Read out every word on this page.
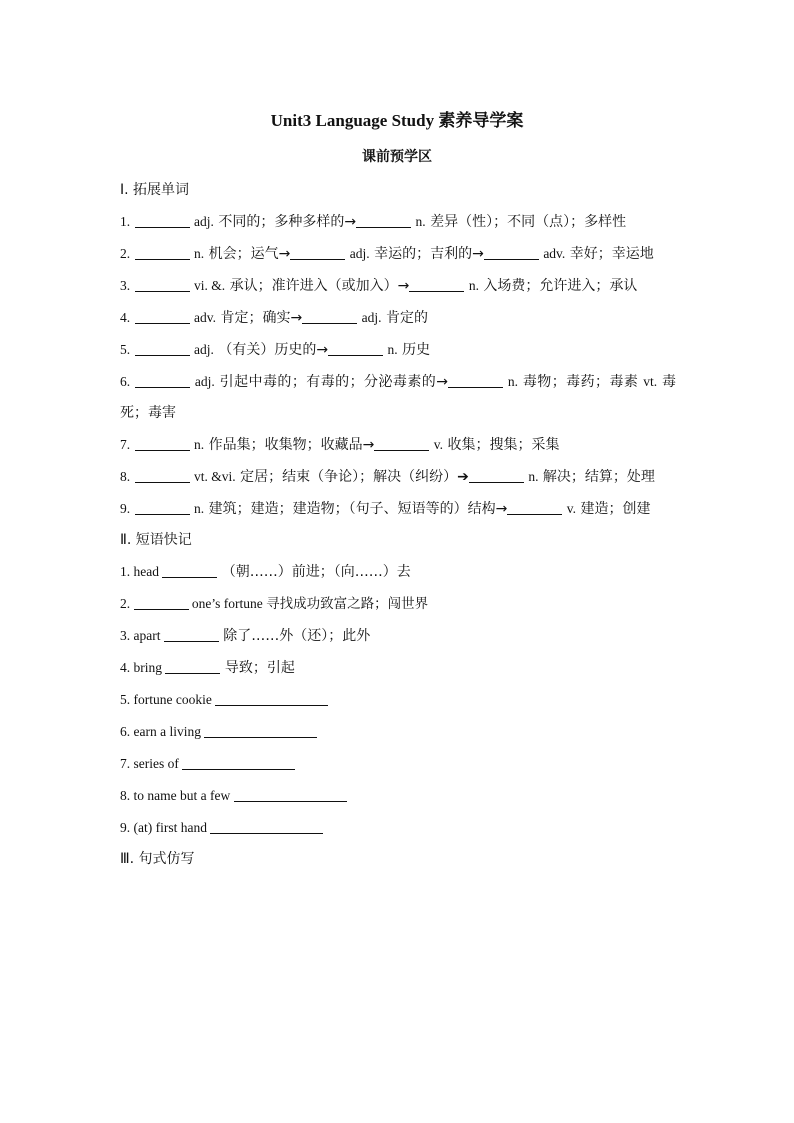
Unit3 Language Study 素养导学案
课前预学区
I. 拓展单词
1.	adj. 不同的；多种多样的→	n. 差异（性）；不同（点）；多样性
2.	n. 机会；运气→	adj. 幸运的；吉利的→	adv. 幸好；幸运地
3.	vi. &. 承认；准许进入（或加入）→	n. 入场费；允许进入；承认
4.	adv. 肯定；确实→	adj. 肯定的
5.	adj. （有关）历史的→	n. 历史
6.	adj. 引起中毒的；有毒的；分泌毒素的→	n. 毒物；毒药；毒素 vt. 毒死；毒害
7.	n. 作品集；收集物；收藏品→	v. 收集；搜集；采集
8.	vt. &vi. 定居；结束（争论）；解决（纠纷）➔	n. 解决；结算；处理
9.	n. 建筑；建造；建造物；（句子、短语等的）结构→	v. 建造；创建
Ⅱ. 短语快记
1. head	（朝……）前进；（向……）去
2.	one’s fortune 寻找成功致富之路；闯世界
3. apart	除了……外（还）；此外
4. bring	导致；引起
5. fortune cookie
6. earn a living
7. series of
8. to name but a few
9. (at) first hand
Ⅲ. 句式仿写
